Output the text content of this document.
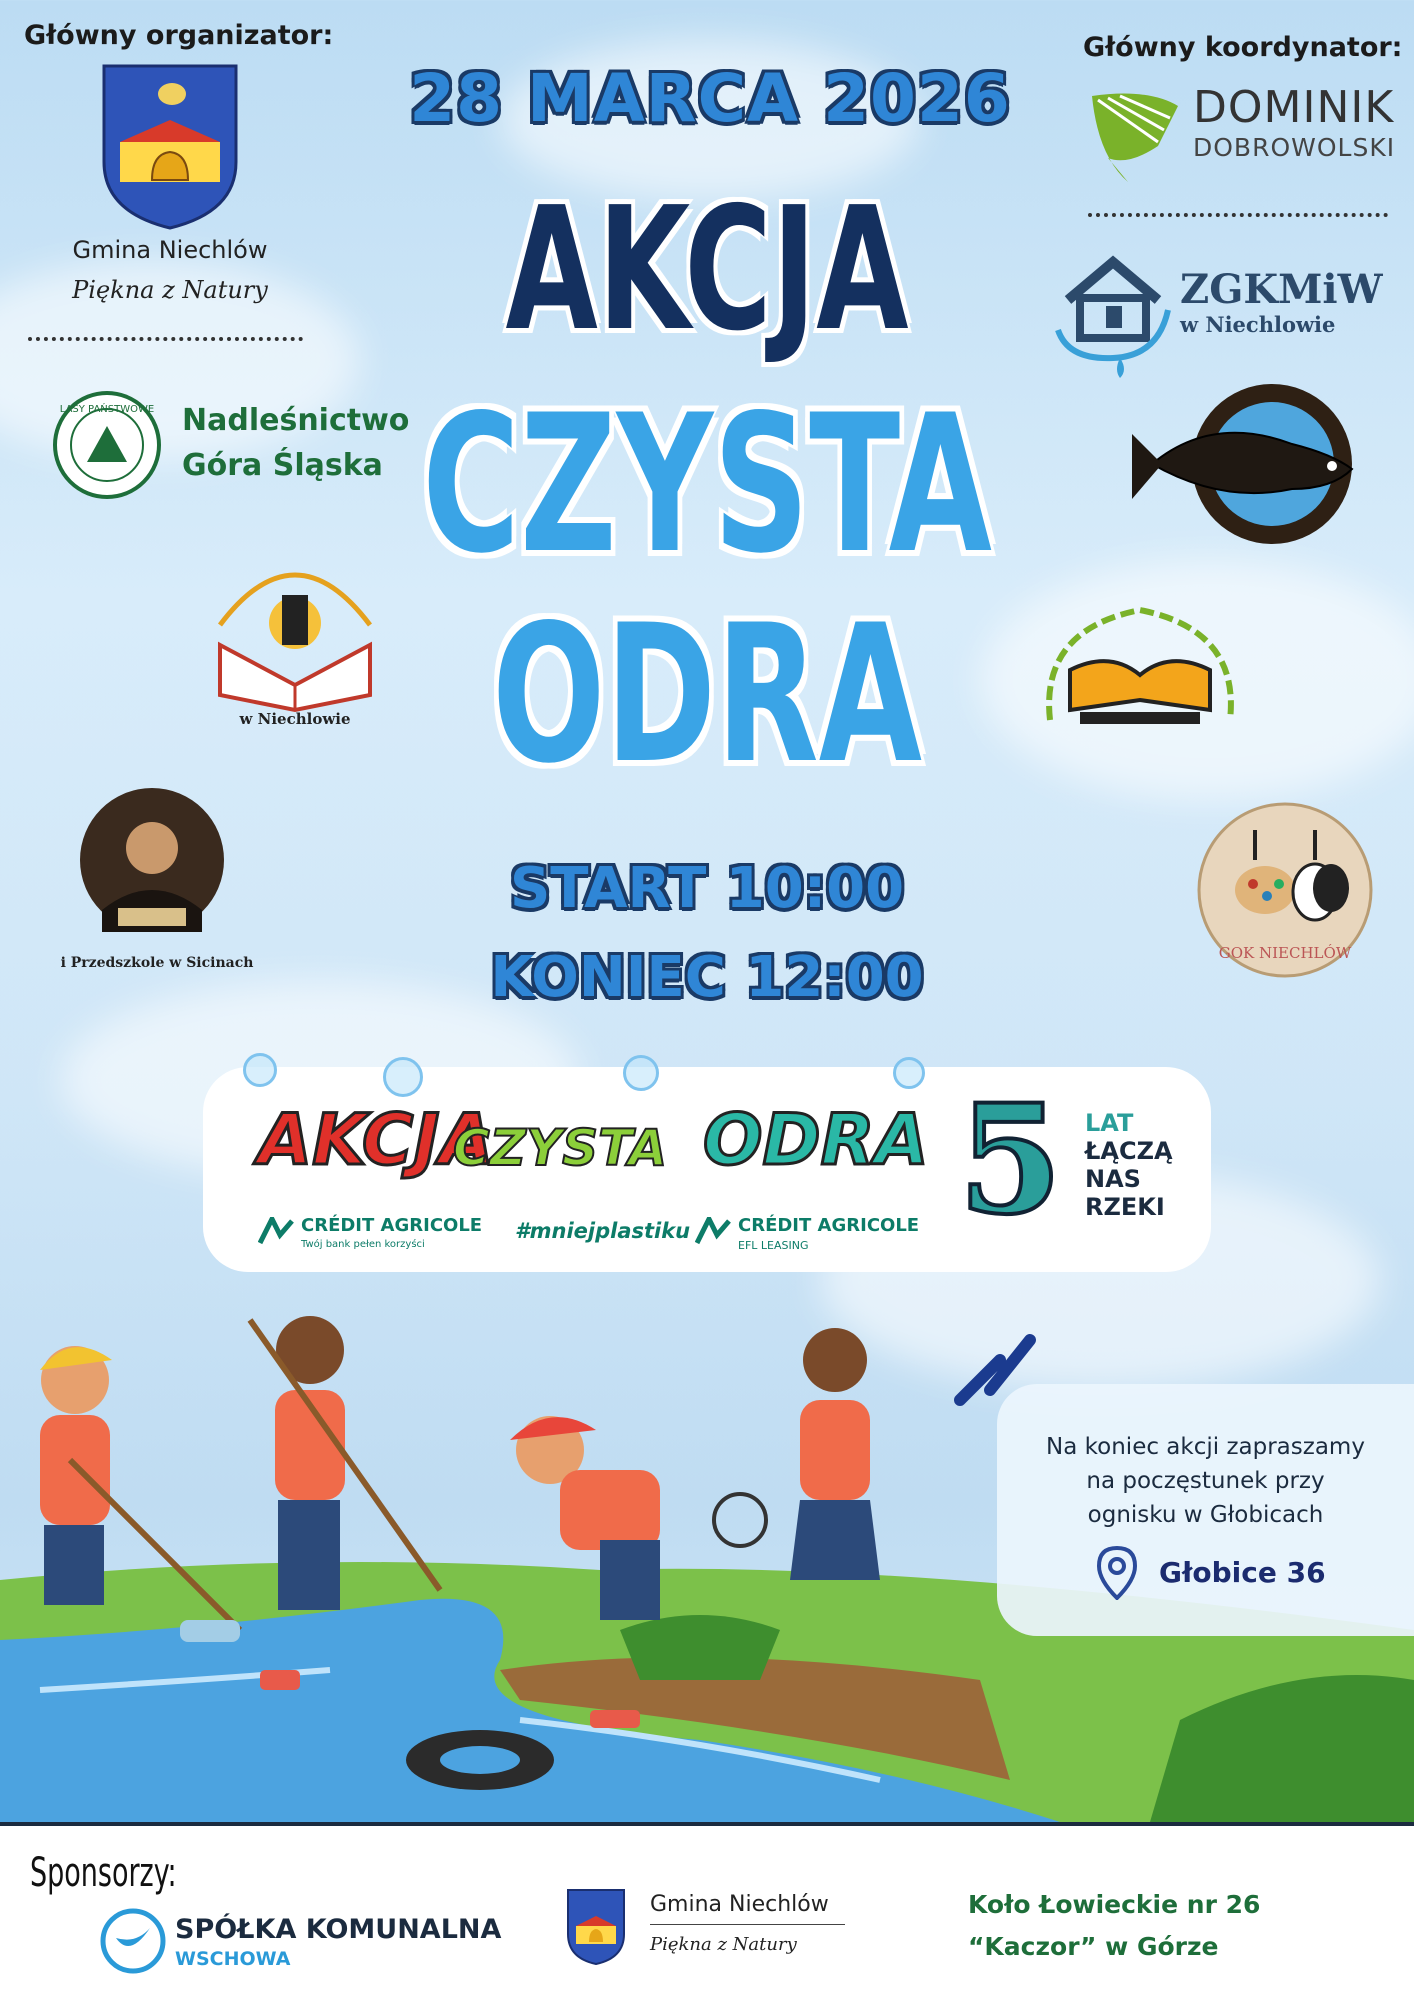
Główny organizator:
Gmina Niechlów
Piękna z Natury
Główny koordynator:
DOMINIK
DOBROWOLSKI
28 MARCA 2026
AKCJA
CZYSTA
ODRA
START 10:00
KONIEC 12:00
LASY PAŃSTWOWE Nadleśnictwo
Góra Śląska
w Niechlowie
i Przedszkole w Sicinach
ZGKMiW
w Niechlowie
GOK NIECHLÓW
AKCJA
CZYSTA ODRA 5 LAT
ŁĄCZĄ
NAS
RZEKI
CRÉDIT AGRICOLE
Twój bank pełen korzyści
#mniejplastiku	CRÉDIT AGRICOLE
EFL LEASING
Na koniec akcji zapraszamy
na poczęstunek przy
ognisku w Głobicach
Głobice 36
Sponsorzy:
SPÓŁKA KOMUNALNA
WSCHOWA
Gmina Niechlów
Piękna z Natury
Koło Łowieckie nr 26
“Kaczor” w Górze
